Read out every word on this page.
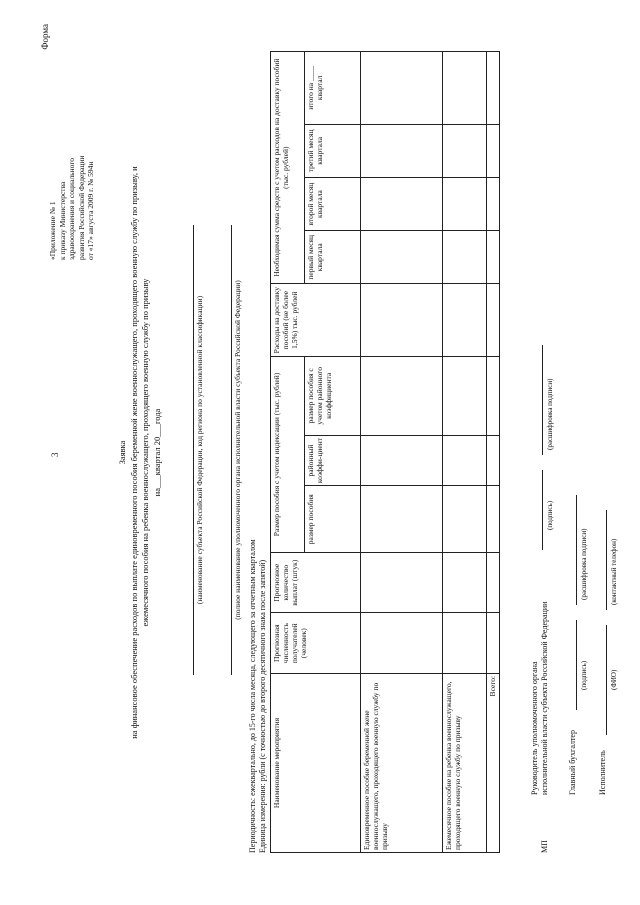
3
Форма
«Приложение № 1 к приказу Министерства здравоохранения и социального развития Российской Федерации от «17» августа 2009 г. № 594н
Заявка на финансовое обеспечение расходов по выплате единовременного пособия беременной жене военнослужащего, проходящего военную службу по призыву, и ежемесячного пособия на ребенка военнослужащего, проходящего военную службу по призыву на___квартал 20___года	(наименование субъекта Российской Федерации, код региона по установленной классификации)	(полное наименование уполномоченного органа исполнительной власти субъекта Российской Федерации)
Периодичность: ежеквартально, до 15-го числа месяца, следующего за отчетным кварталом Единица измерения: рубли (с точностью до второго десятичного знака после запятой) Наименование мероприятия	Прогнозная численность получателей (человек)	Прогнозное количество выплат (штук)	Размер пособия с учетом индексации (тыс. рублей)			Расходы на доставку пособий (не более 1,5%) тыс. рублей	Необходимая сумма средств с учетом расходов на доставку пособий (тыс. рублей)			
			размер пособия	районный коэффи-циент	размер пособия с учетом районного коэффициента		первый месяц квартала	второй месяц квартала	третий месяц квартала	итого на ____ квартал
Единовременное пособие беременной жене военнослужащего, проходящего военную службу по призыву										
Ежемесячное пособие на ребенка военнослужащего, проходящего военную службу по призыву										
Всего:											Руководитель уполномоченного органа исполнительной власти субъекта Российской Федерации
(подпись)
(расшифровка подписи)
Главный бухгалтер
(подпись)
(расшифровка подписи)
Исполнитель
(ФИО)
(контактный телефон)
МП
